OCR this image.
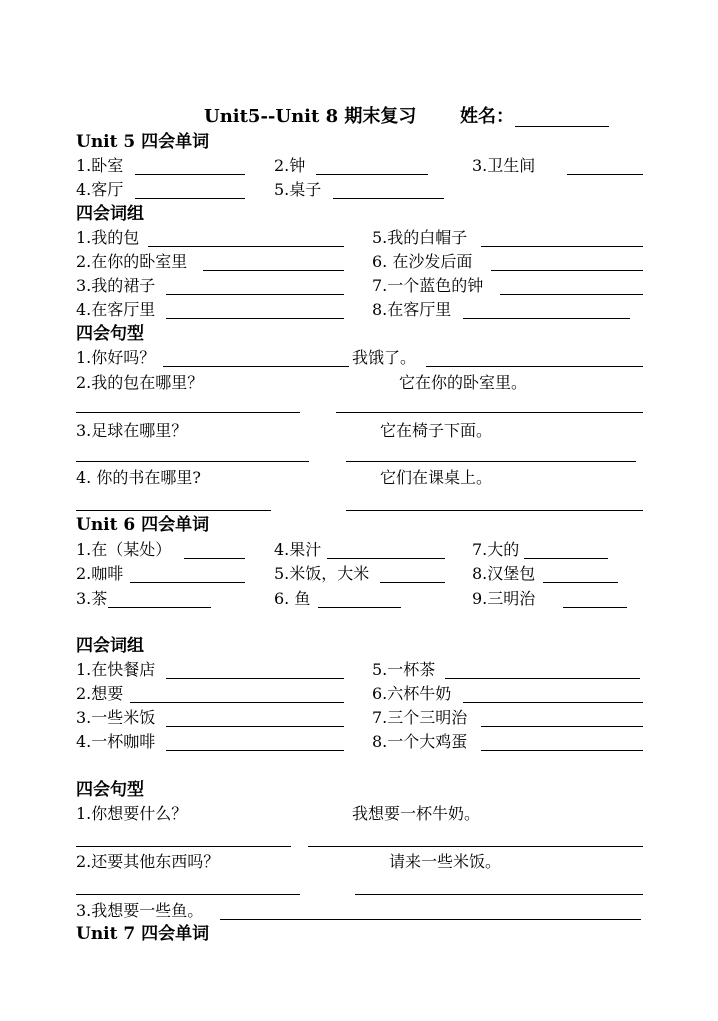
Unit5--Unit 8 期末复习 姓名：
Unit 5 四会单词
1.卧室	2.钟	3.卫生间
4.客厅	5.桌子
四会词组
1.我的包	5.我的白帽子
2.在你的卧室里	6. 在沙发后面
3.我的裙子	7.一个蓝色的钟
4.在客厅里	8.在客厅里
四会句型
1.你好吗？	我饿了。
2.我的包在哪里？	它在你的卧室里。
3.足球在哪里？	它在椅子下面。
4. 你的书在哪里?	它们在课桌上。
Unit 6 四会单词
1.在（某处）	4.果汁	7.大的
2.咖啡	5.米饭，大米	8.汉堡包
3.茶	6. 鱼	9.三明治
四会词组
1.在快餐店	5.一杯茶
2.想要	6.六杯牛奶
3.一些米饭	7.三个三明治
4.一杯咖啡	8.一个大鸡蛋
四会句型
1.你想要什么？	我想要一杯牛奶。
2.还要其他东西吗？	请来一些米饭。
3.我想要一些鱼。
Unit 7 四会单词
